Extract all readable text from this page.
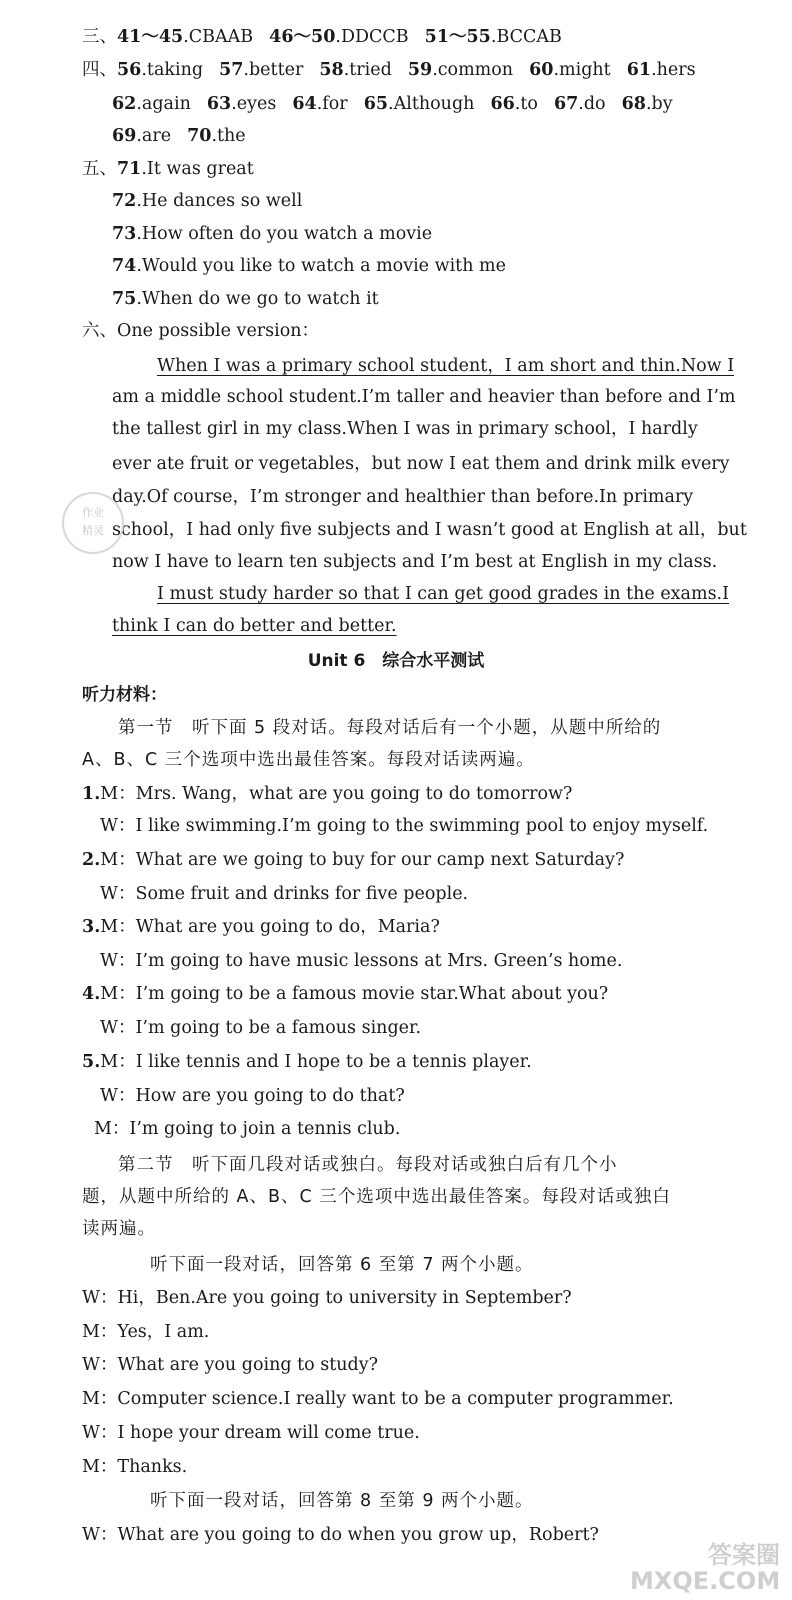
三、41～45.CBAAB 46～50.DDCCB 51～55.BCCAB
四、56.taking 57.better 58.tried 59.common 60.might 61.hers
62.again 63.eyes 64.for 65.Although 66.to 67.do 68.by
69.are 70.the
五、71.It was great
72.He dances so well
73.How often do you watch a movie
74.Would you like to watch a movie with me
75.When do we go to watch it
六、One possible version：
When I was a primary school student，I am short and thin.Now I
am a middle school student.I’m taller and heavier than before and I’m
the tallest girl in my class.When I was in primary school，I hardly
ever ate fruit or vegetables，but now I eat them and drink milk every
day.Of course，I’m stronger and healthier than before.In primary
school，I had only five subjects and I wasn’t good at English at all，but
now I have to learn ten subjects and I’m best at English in my class.
I must study harder so that I can get good grades in the exams.I
think I can do better and better.
作业
精灵
Unit 6　综合水平测试
听力材料：
第一节　听下面 5 段对话。每段对话后有一个小题，从题中所给的
A、B、C 三个选项中选出最佳答案。每段对话读两遍。
1.M：Mrs. Wang，what are you going to do tomorrow?
W：I like swimming.I’m going to the swimming pool to enjoy myself.
2.M：What are we going to buy for our camp next Saturday?
W：Some fruit and drinks for five people.
3.M：What are you going to do，Maria?
W：I’m going to have music lessons at Mrs. Green’s home.
4.M：I’m going to be a famous movie star.What about you?
W：I’m going to be a famous singer.
5.M：I like tennis and I hope to be a tennis player.
W：How are you going to do that?
M：I’m going to join a tennis club.
第二节　听下面几段对话或独白。每段对话或独白后有几个小
题，从题中所给的 A、B、C 三个选项中选出最佳答案。每段对话或独白
读两遍。
听下面一段对话，回答第 6 至第 7 两个小题。
W：Hi，Ben.Are you going to university in September?
M：Yes，I am.
W：What are you going to study?
M：Computer science.I really want to be a computer programmer.
W：I hope your dream will come true.
M：Thanks.
听下面一段对话，回答第 8 至第 9 两个小题。
W：What are you going to do when you grow up，Robert?
答案圈
MXQE.COM
